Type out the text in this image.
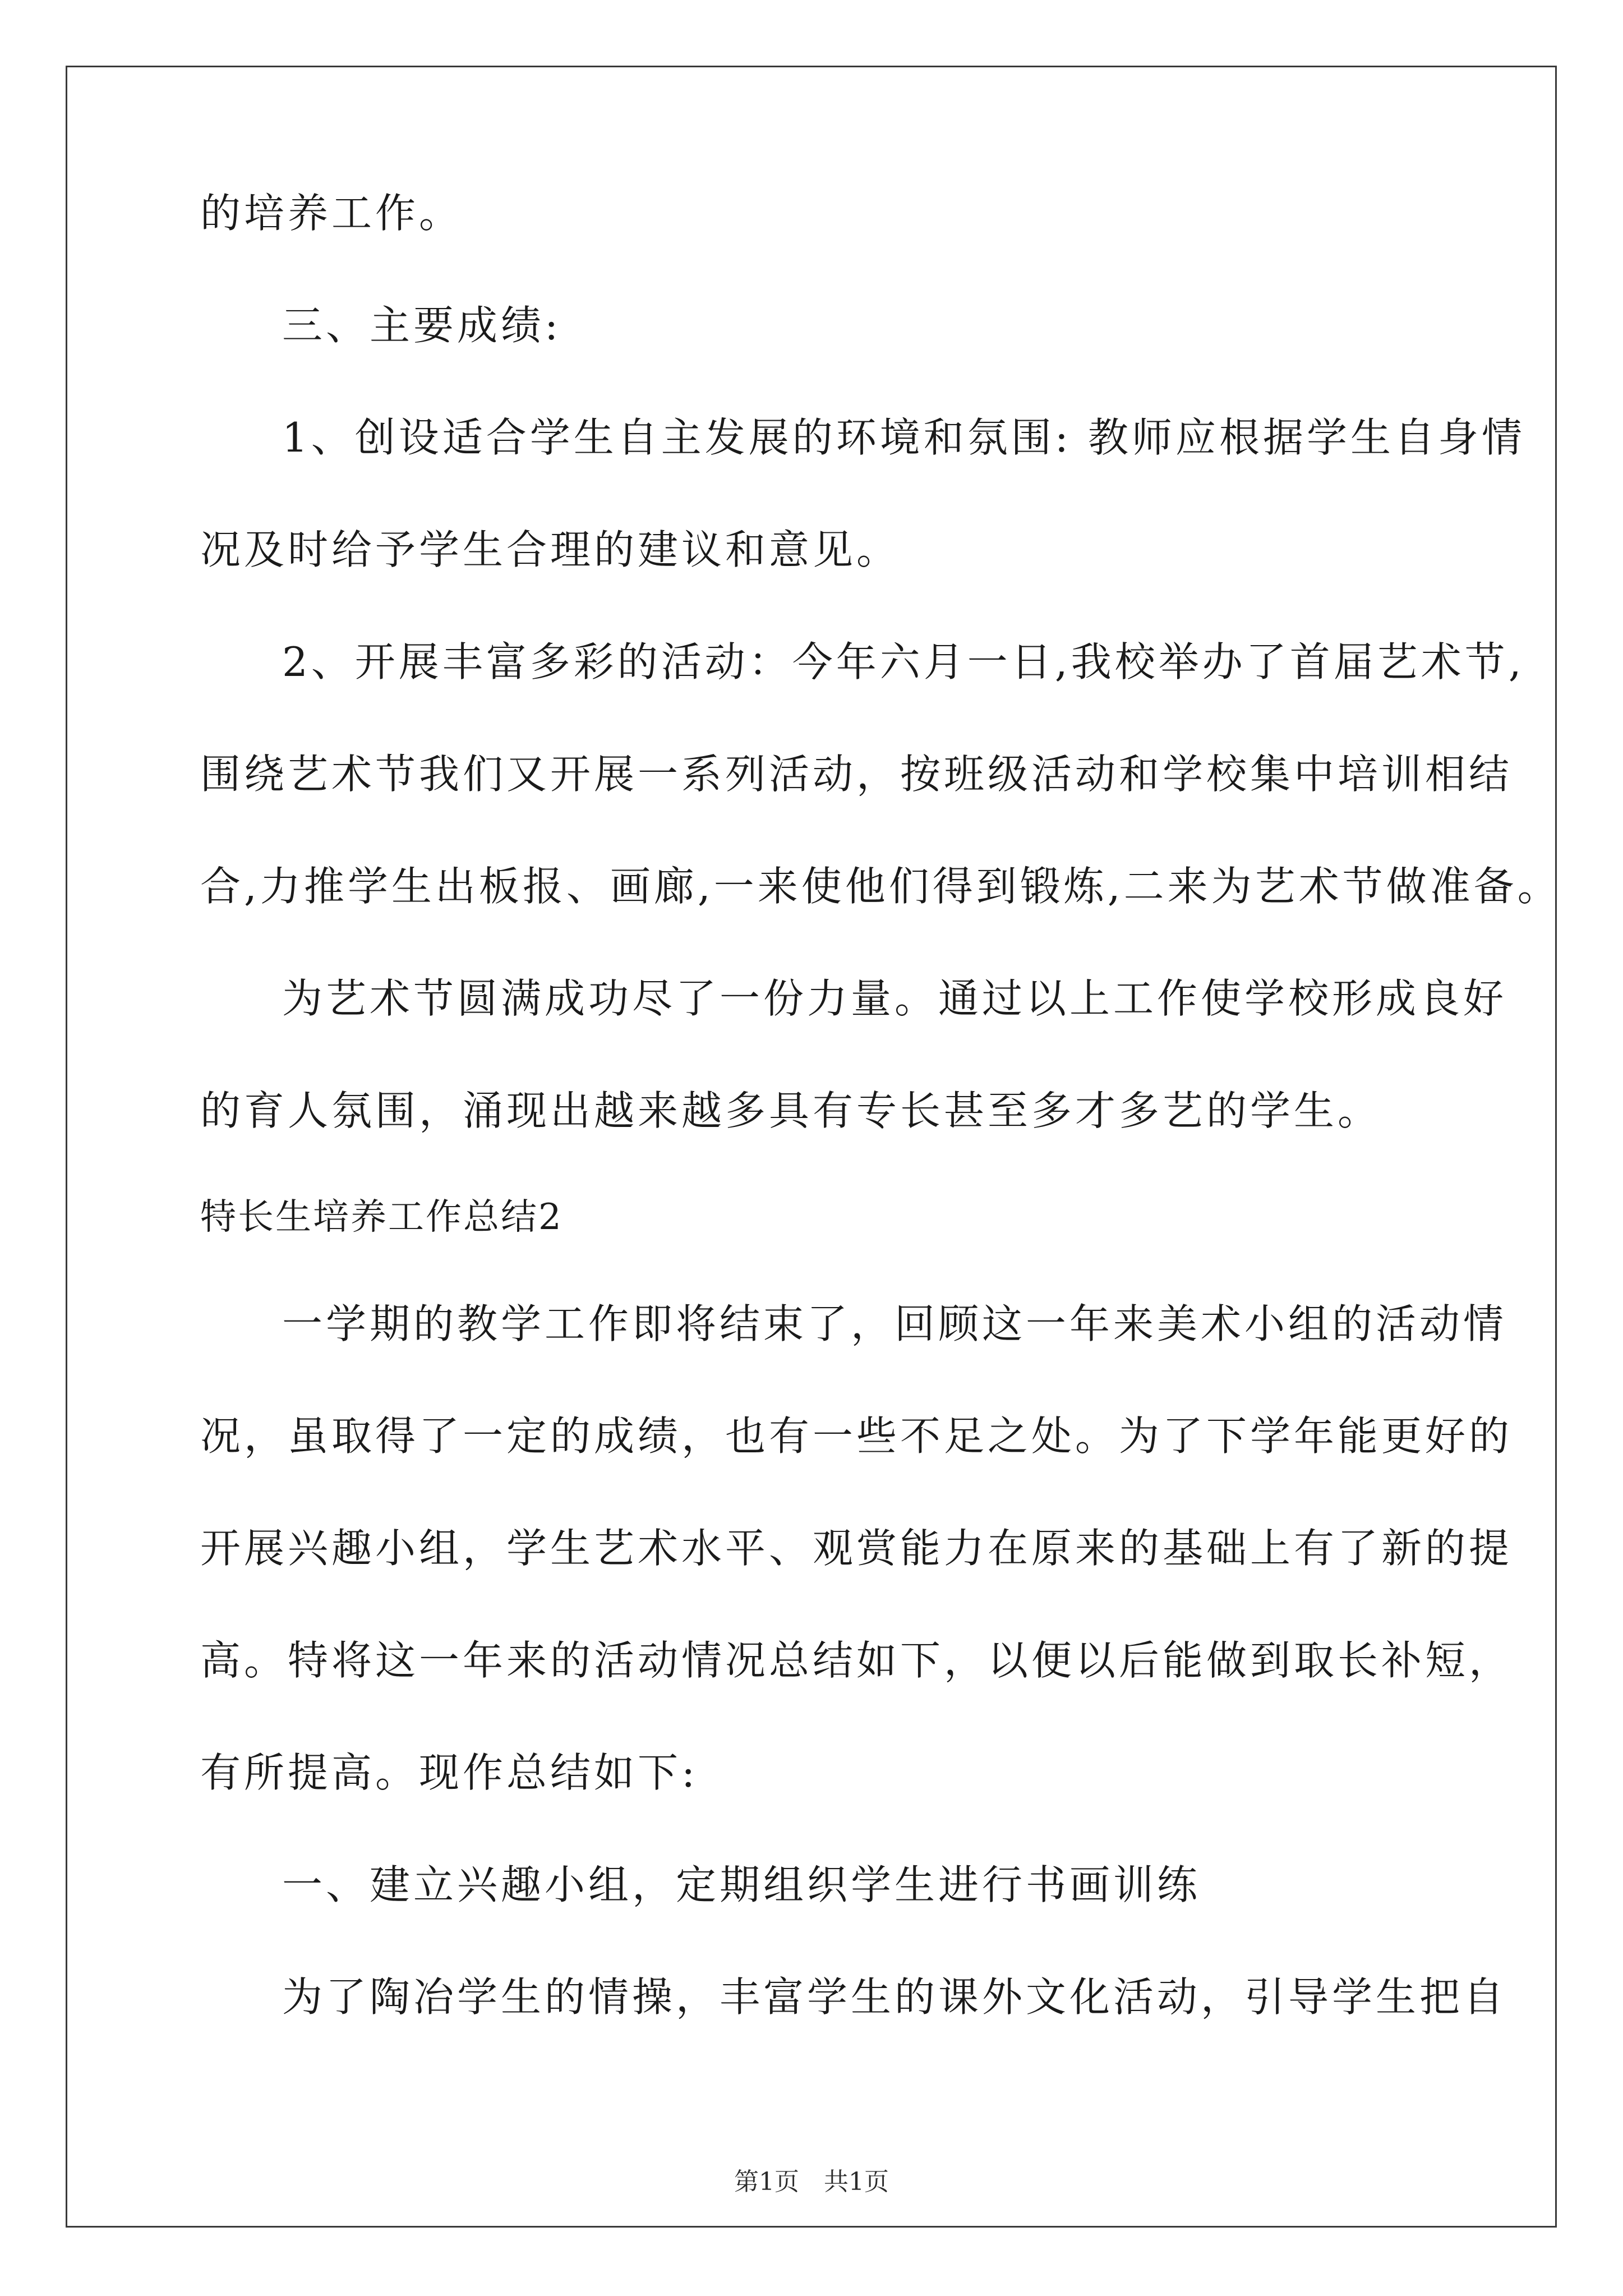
的培养工作。
三、主要成绩:
1、创设适合学生自主发展的环境和氛围: 教师应根据学生自身情
况及时给予学生合理的建议和意见。
2、开展丰富多彩的活动：今年六月一日,我校举办了首届艺术节,
围绕艺术节我们又开展一系列活动，按班级活动和学校集中培训相结
合,力推学生出板报、画廊,一来使他们得到锻炼,二来为艺术节做准备。
为艺术节圆满成功尽了一份力量。通过以上工作使学校形成良好
的育人氛围，涌现出越来越多具有专长甚至多才多艺的学生。
特长生培养工作总结2
一学期的教学工作即将结束了，回顾这一年来美术小组的活动情
况，虽取得了一定的成绩，也有一些不足之处。为了下学年能更好的
开展兴趣小组，学生艺术水平、观赏能力在原来的基础上有了新的提
高。特将这一年来的活动情况总结如下，以便以后能做到取长补短，
有所提高。现作总结如下:
一、建立兴趣小组，定期组织学生进行书画训练
为了陶冶学生的情操，丰富学生的课外文化活动，引导学生把自
第1页　共1页
